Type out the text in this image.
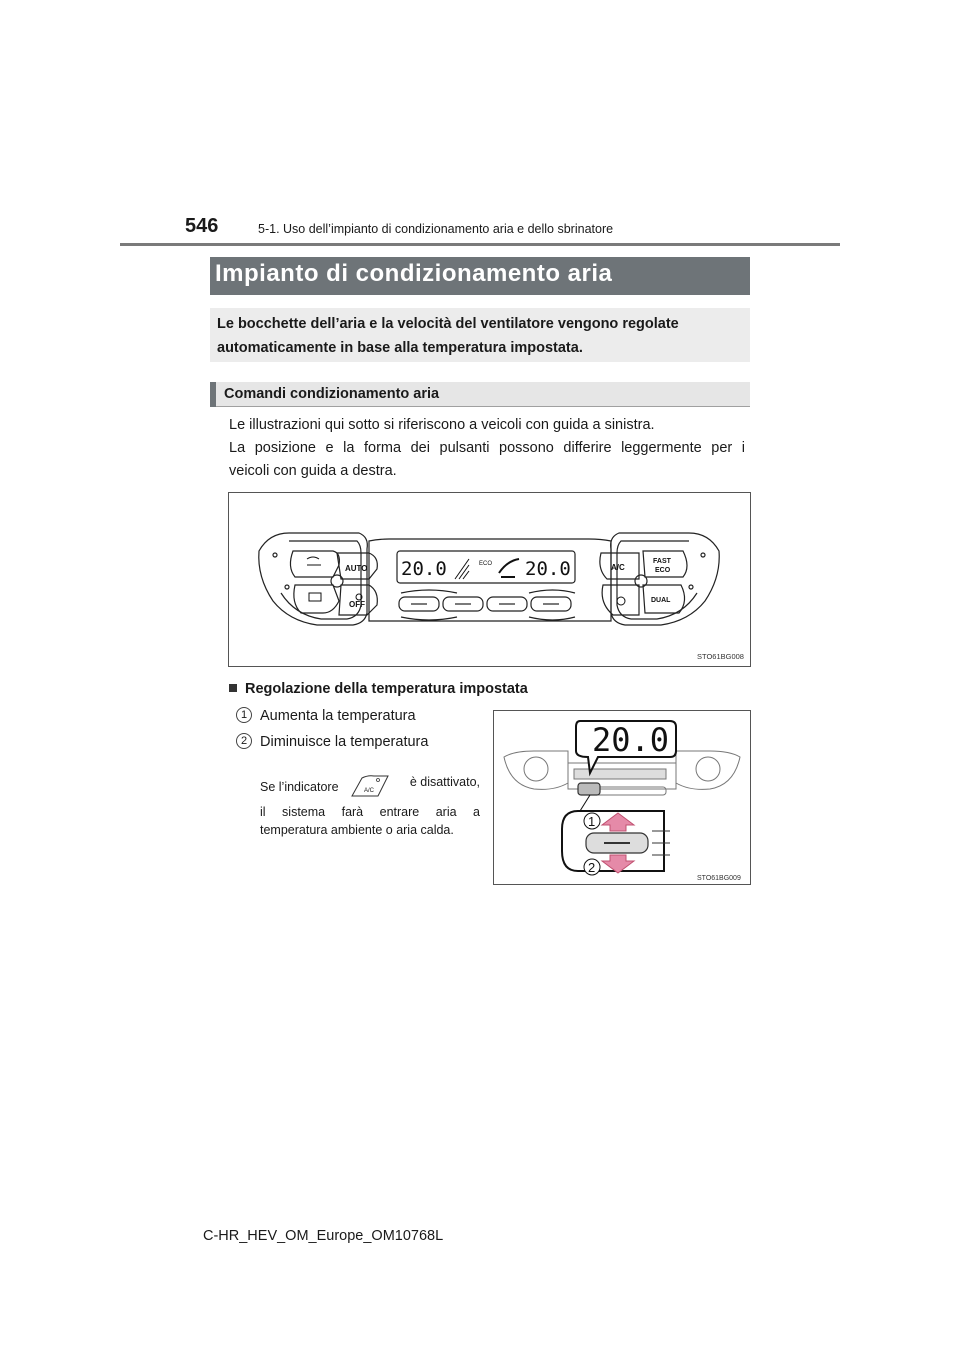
546	5-1. Uso dell’impianto di condizionamento aria e dello sbrinatore
Impianto di condizionamento aria
Le bocchette dell’aria e la velocità del ventilatore vengono regolate
automaticamente in base alla temperatura impostata.
Comandi condizionamento aria
Le illustrazioni qui sotto si riferiscono a veicoli con guida a sinistra.
La posizione e la forma dei pulsanti possono differire leggermente per i
veicoli con guida a destra.
20.0	20.0
ECO
AUTO
OFF
A/C
FAST
ECO
DUAL
STO61BG008
Regolazione della temperatura impostata
1 Aumenta la temperatura
2 Diminuisce la temperatura
Se l’indicatore	A/C
è disattivato,
il sistema farà entrare aria a
temperatura ambiente o aria calda.
20.0
1
2
STO61BG009
C-HR_HEV_OM_Europe_OM10768L
